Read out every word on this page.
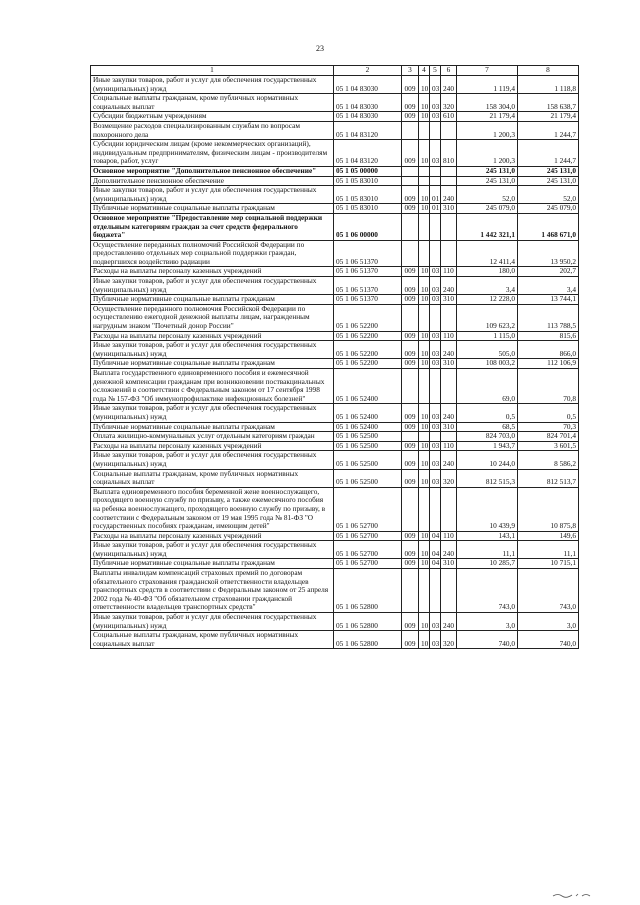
23
1	2	3	4	5	6	7	8
Иные закупки товаров, работ и услуг для обеспечения государственных (муниципальных) нужд	05 1 04 83030	009	10	03	240	1 119,4	1 118,8
Социальные выплаты гражданам, кроме публичных нормативных социальных выплат	05 1 04 83030	009	10	03	320	158 304,0	158 638,7
Субсидии бюджетным учреждениям	05 1 04 83030	009	10	03	610	21 179,4	21 179,4
Возмещение расходов специализированным службам по вопросам похоронного дела	05 1 04 83120					1 200,3	1 244,7
Субсидии юридическим лицам (кроме некоммерческих организаций), индивидуальным предпринимателям, физическим лицам - производителям товаров, работ, услуг	05 1 04 83120	009	10	03	810	1 200,3	1 244,7
Основное мероприятие "Дополнительное пенсионное обеспечение"	05 1 05 00000					245 131,0	245 131,0
Дополнительное пенсионное обеспечение	05 1 05 83010					245 131,0	245 131,0
Иные закупки товаров, работ и услуг для обеспечения государственных (муниципальных) нужд	05 1 05 83010	009	10	01	240	52,0	52,0
Публичные нормативные социальные выплаты гражданам	05 1 05 83010	009	10	01	310	245 079,0	245 079,0
Основное мероприятие "Предоставление мер социальной поддержки отдельным категориям граждан за счет средств федерального бюджета"	05 1 06 00000					1 442 321,1	1 468 671,0
Осуществление переданных полномочий Российской Федерации по предоставлению отдельных мер социальной поддержки граждан, подвергшихся воздействию радиации	05 1 06 51370					12 411,4	13 950,2
Расходы на выплаты персоналу казенных учреждений	05 1 06 51370	009	10	03	110	180,0	202,7
Иные закупки товаров, работ и услуг для обеспечения государственных (муниципальных) нужд	05 1 06 51370	009	10	03	240	3,4	3,4
Публичные нормативные социальные выплаты гражданам	05 1 06 51370	009	10	03	310	12 228,0	13 744,1
Осуществление переданного полномочия Российской Федерации по осуществлению ежегодной денежной выплаты лицам, награжденным нагрудным знаком "Почетный донор России"	05 1 06 52200					109 623,2	113 788,5
Расходы на выплаты персоналу казенных учреждений	05 1 06 52200	009	10	03	110	1 115,0	815,6
Иные закупки товаров, работ и услуг для обеспечения государственных (муниципальных) нужд	05 1 06 52200	009	10	03	240	505,0	866,0
Публичные нормативные социальные выплаты гражданам	05 1 06 52200	009	10	03	310	108 003,2	112 106,9
Выплата государственного единовременного пособия и ежемесячной денежной компенсации гражданам при возникновении поствакцинальных осложнений в соответствии с Федеральным законом от 17 сентября 1998 года № 157-ФЗ "Об иммунопрофилактике инфекционных болезней"	05 1 06 52400					69,0	70,8
Иные закупки товаров, работ и услуг для обеспечения государственных (муниципальных) нужд	05 1 06 52400	009	10	03	240	0,5	0,5
Публичные нормативные социальные выплаты гражданам	05 1 06 52400	009	10	03	310	68,5	70,3
Оплата жилищно-коммунальных услуг отдельным категориям граждан	05 1 06 52500					824 703,0	824 701,4
Расходы на выплаты персоналу казенных учреждений	05 1 06 52500	009	10	03	110	1 943,7	3 601,5
Иные закупки товаров, работ и услуг для обеспечения государственных (муниципальных) нужд	05 1 06 52500	009	10	03	240	10 244,0	8 586,2
Социальные выплаты гражданам, кроме публичных нормативных социальных выплат	05 1 06 52500	009	10	03	320	812 515,3	812 513,7
Выплата единовременного пособия беременной жене военнослужащего, проходящего военную службу по призыву, а также ежемесячного пособия на ребенка военнослужащего, проходящего военную службу по призыву, в соответствии с Федеральным законом от 19 мая 1995 года № 81-ФЗ "О государственных пособиях гражданам, имеющим детей"	05 1 06 52700					10 439,9	10 875,8
Расходы на выплаты персоналу казенных учреждений	05 1 06 52700	009	10	04	110	143,1	149,6
Иные закупки товаров, работ и услуг для обеспечения государственных (муниципальных) нужд	05 1 06 52700	009	10	04	240	11,1	11,1
Публичные нормативные социальные выплаты гражданам	05 1 06 52700	009	10	04	310	10 285,7	10 715,1
Выплаты инвалидам компенсаций страховых премий по договорам обязательного страхования гражданской ответственности владельцев транспортных средств в соответствии с Федеральным законом от 25 апреля 2002 года № 40-ФЗ "Об обязательном страховании гражданской ответственности владельцев транспортных средств"	05 1 06 52800					743,0	743,0
Иные закупки товаров, работ и услуг для обеспечения государственных (муниципальных) нужд	05 1 06 52800	009	10	03	240	3,0	3,0
Социальные выплаты гражданам, кроме публичных нормативных социальных выплат	05 1 06 52800	009	10	03	320	740,0	740,0
